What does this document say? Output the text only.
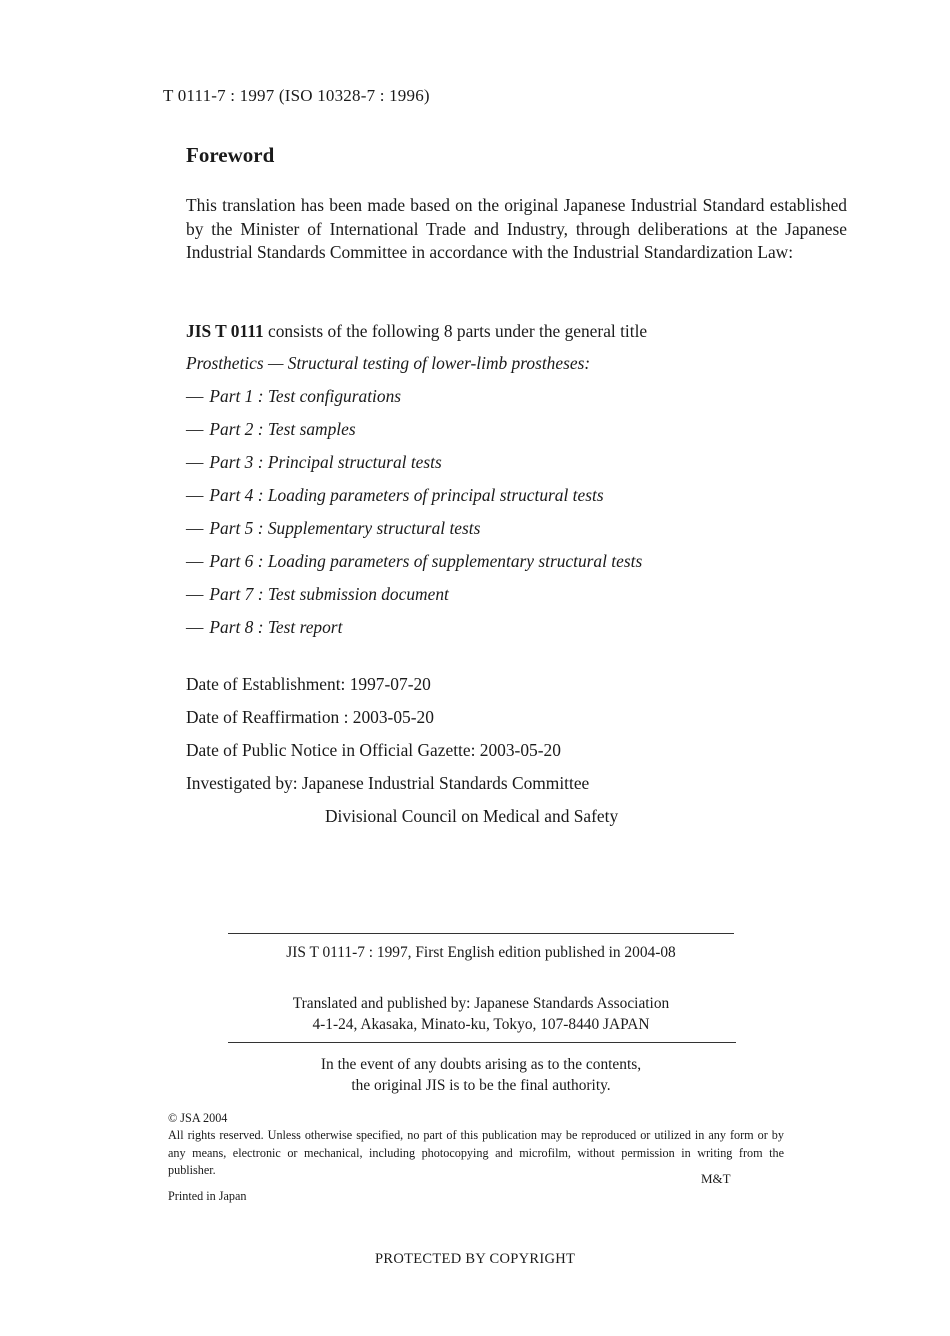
T 0111-7 : 1997 (ISO 10328-7 : 1996)
Foreword
This translation has been made based on the original Japanese Industrial Standard established by the Minister of International Trade and Industry, through deliberations at the Japanese Industrial Standards Committee in accordance with the Industrial Standardization Law:
JIS T 0111 consists of the following 8 parts under the general title
Prosthetics — Structural testing of lower-limb prostheses:
— Part 1 : Test configurations
— Part 2 : Test samples
— Part 3 : Principal structural tests
— Part 4 : Loading parameters of principal structural tests
— Part 5 : Supplementary structural tests
— Part 6 : Loading parameters of supplementary structural tests
— Part 7 : Test submission document
— Part 8 : Test report
Date of Establishment: 1997-07-20
Date of Reaffirmation : 2003-05-20
Date of Public Notice in Official Gazette: 2003-05-20
Investigated by: Japanese Industrial Standards Committee
Divisional Council on Medical and Safety
JIS T 0111-7 : 1997, First English edition published in 2004-08
Translated and published by: Japanese Standards Association
4-1-24, Akasaka, Minato-ku, Tokyo, 107-8440 JAPAN
In the event of any doubts arising as to the contents,
the original JIS is to be the final authority.
© JSA 2004
All rights reserved. Unless otherwise specified, no part of this publication may be reproduced or utilized in any form or by any means, electronic or mechanical, including photocopying and microfilm, without permission in writing from the publisher.
M&T
Printed in Japan
PROTECTED BY COPYRIGHT
